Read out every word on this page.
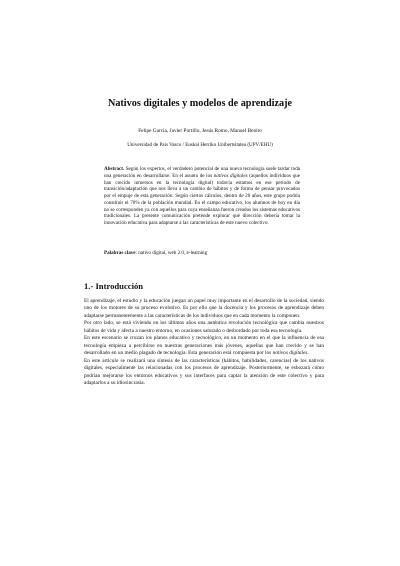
Nativos digitales y modelos de aprendizaje
Felipe García, Javier Portillo, Jesús Romo, Manuel Benito
Universidad de País Vasco / Euskal Herriko Unibertsitatea (UPV/EHU)
Abstract. Según los expertos, el verdadero potencial de una nueva tecnología suele tardar toda una generación en desarrollarse. En el asunto de los nativos digitales (aquellos individuos que han crecido inmersos en la tecnología digital) todavía estamos en ese período de transición/adaptación que nos lleva a un cambio de hábitos y de forma de pensar provocados por el empuje de esta generación. Según ciertos cálculos, dentro de 20 años, este grupo podría constituir el 70% de la población mundial. En el campo educativo, los alumnos de hoy en día no se corresponden ya con aquellos para cuya enseñanza fueron creados los sistemas educativos tradicionales. La presente comunicación pretende explorar qué dirección debería tomar la innovación educativa para adaptarse a las características de este nuevo colectivo.
Palabras clave: nativo digital, web 2.0, e-learning
1.- Introducción

El aprendizaje, el estudio y la educación juegan un papel muy importante en el desarrollo de la sociedad, siendo uno de los motores de su proceso evolutivo. Es por ello que la docencia y los procesos de aprendizaje deben adaptarse permanentemente a las características de los individuos que en cada momento la componen.

Por otro lado, se está viviendo en los últimos años una auténtica revolución tecnológica que cambia nuestros hábitos de vida y afecta a nuestro entorno, en ocasiones saturado o desbordado por toda esa tecnología.

En este escenario se cruzan los planos educativo y tecnológico, en un momento en el que la influencia de esa tecnología empieza a percibirse en nuestras generaciones más jóvenes, aquellas que han crecido y se han desarrollado en un medio plagado de tecnología. Esta generación está compuesta por los nativos digitales.

En este artículo se realizará una síntesis de las características (hábitos, habilidades, carencias) de los nativos digitales, especialmente las relacionadas con los procesos de aprendizaje. Posteriormente, se esbozará cómo podrían mejorarse los entornos educativos y sus interfaces para captar la atención de este colectivo y para adaptarlos a su idiosincrasia.
